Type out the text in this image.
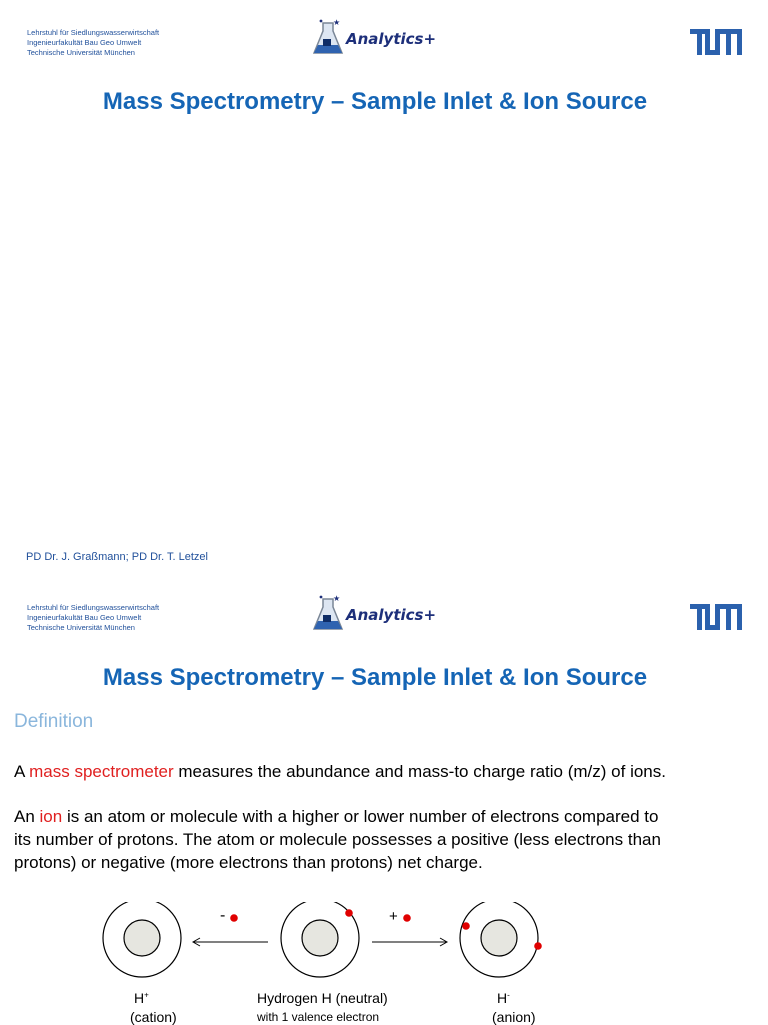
Lehrstuhl für Siedlungswasserwirtschaft
Ingenieurfakultät Bau Geo Umwelt
Technische Universität München
★
Analytics+
Mass Spectrometry – Sample Inlet & Ion Source
PD Dr. J. Graßmann; PD Dr. T. Letzel
Lehrstuhl für Siedlungswasserwirtschaft
Ingenieurfakultät Bau Geo Umwelt
Technische Universität München
★
Analytics+
Mass Spectrometry – Sample Inlet & Ion Source
Definition
A mass spectrometer measures the abundance and mass-to charge ratio (m/z) of ions.
An ion is an atom or molecule with a higher or lower number of electrons compared to
its number of protons. The atom or molecule possesses a positive (less electrons than
protons) or negative (more electrons than protons) net charge.
-	+
H+
(cation)
Hydrogen H (neutral)
with 1 valence electron
H-
(anion)
